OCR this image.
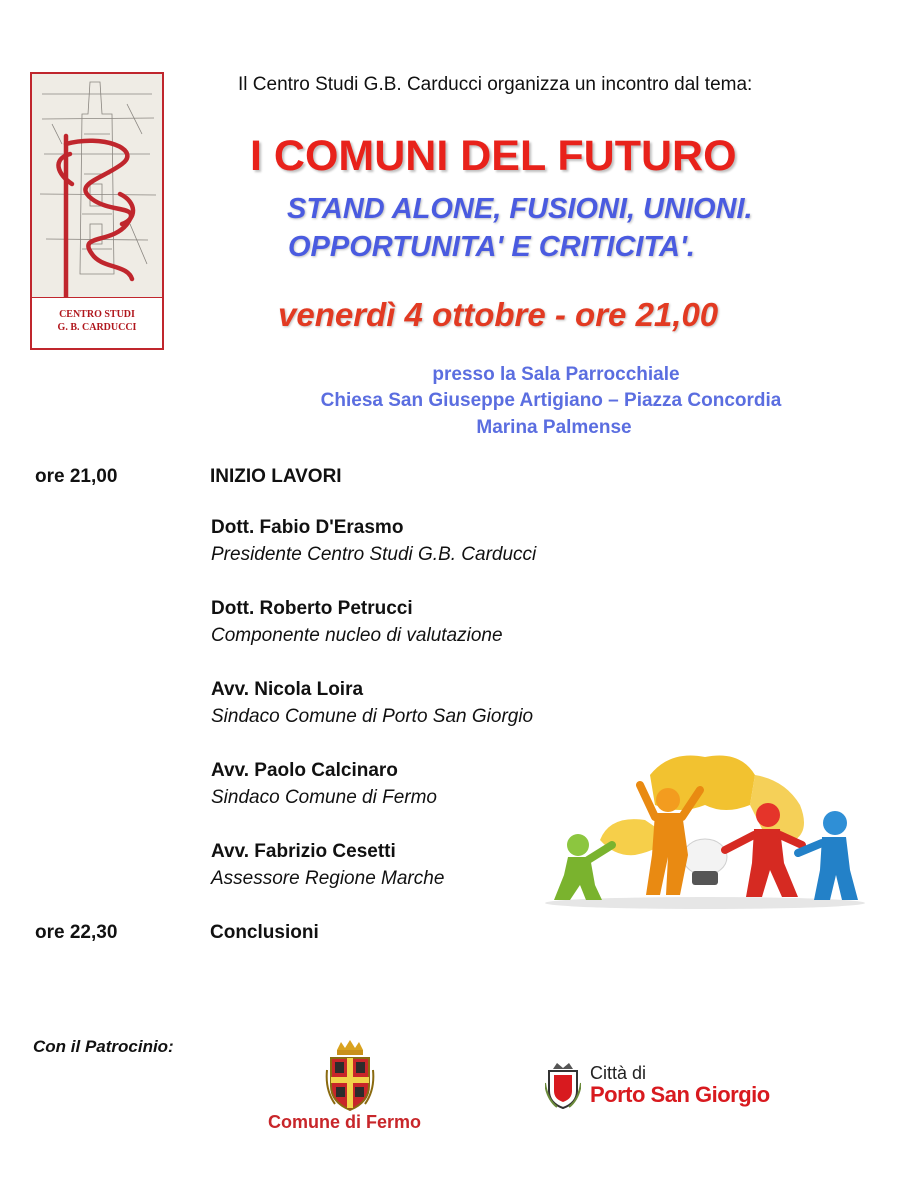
CENTRO STUDI
G. B. CARDUCCI
Il Centro Studi G.B. Carducci organizza un incontro dal tema:
I COMUNI DEL FUTURO
STAND ALONE, FUSIONI, UNIONI.
OPPORTUNITA' E CRITICITA'.
venerdì 4 ottobre - ore 21,00
presso la Sala Parrocchiale
Chiesa San Giuseppe Artigiano – Piazza Concordia
Marina Palmense
ore 21,00	INIZIO LAVORI
Dott. Fabio D'Erasmo
Presidente Centro Studi G.B. Carducci
Dott. Roberto Petrucci
Componente nucleo di valutazione
Avv. Nicola Loira
Sindaco Comune di Porto San Giorgio
Avv. Paolo Calcinaro
Sindaco Comune di Fermo
Avv. Fabrizio Cesetti
Assessore Regione Marche
ore 22,30	Conclusioni
Con il Patrocinio:
Comune di Fermo
Città di
Porto San Giorgio
